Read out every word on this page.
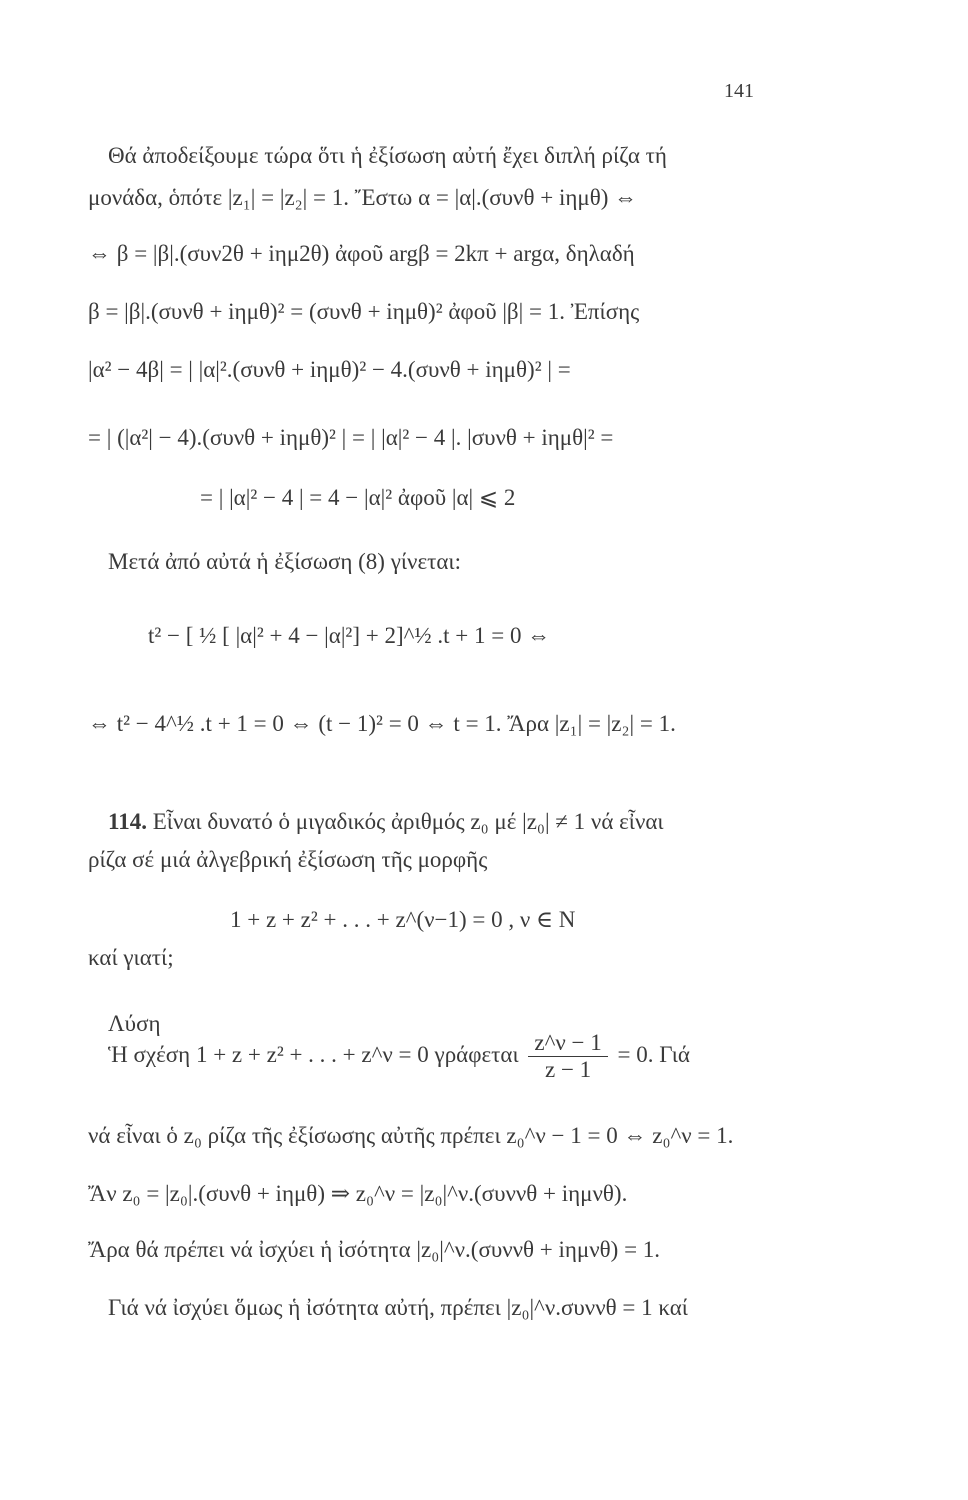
141
Θά ἀποδείξουμε τώρα ὅτι ἡ ἐξίσωση αὐτή ἔχει διπλή ρίζα τή
μονάδα, ὁπότε |z₁| = |z₂| = 1. Ἔστω α = |α|.(συνθ + iημθ) ⇔
⇔ β = |β|.(συν2θ + iημ2θ) ἀφοῦ argβ = 2kπ + argα, δηλαδή
β = |β|.(συνθ + iημθ)² = (συνθ + iημθ)² ἀφοῦ |β| = 1. Ἐπίσης
|α² − 4β| = | |α|².(συνθ + iημθ)² − 4.(συνθ + iημθ)² | =
= | (|α²| − 4).(συνθ + iημθ)² | = | |α|² − 4 |. |συνθ + iημθ|² =
= | |α|² − 4 | = 4 − |α|² ἀφοῦ |α| ⩽ 2
Μετά ἀπό αὐτά ἡ ἐξίσωση (8) γίνεται:
t² − [ ½ [ |α|² + 4 − |α|²] + 2]^½ .t + 1 = 0 ⇔
⇔ t² − 4^½ .t + 1 = 0 ⇔ (t − 1)² = 0 ⇔ t = 1. Ἄρα |z₁| = |z₂| = 1.
114. Εἶναι δυνατό ὁ μιγαδικός ἀριθμός z₀ μέ |z₀| ≠ 1 νά εἶναι
ρίζα σέ μιά ἀλγεβρική ἐξίσωση τῆς μορφῆς
1 + z + z² + . . . + z^(ν−1) = 0 , ν ∈ N
καί γιατί;
Λύση
Ἡ σχέση 1 + z + z² + . . . + z^ν = 0 γράφεται $\frac{z\^{}\nu - 1}{z - 1} = 0$. Γιά
νά εἶναι ὁ z₀ ρίζα τῆς ἐξίσωσης αὐτῆς πρέπει z₀^ν − 1 = 0 ⇔ z₀^ν = 1.
Ἄν z₀ = |z₀|.(συνθ + iημθ) ⇒ z₀^ν = |z₀|^ν.(συννθ + iημνθ).
Ἄρα θά πρέπει νά ἰσχύει ἡ ἰσότητα |z₀|^ν.(συννθ + iημνθ) = 1.
Γιά νά ἰσχύει ὅμως ἡ ἰσότητα αὐτή, πρέπει |z₀|^ν.συννθ = 1 καί
